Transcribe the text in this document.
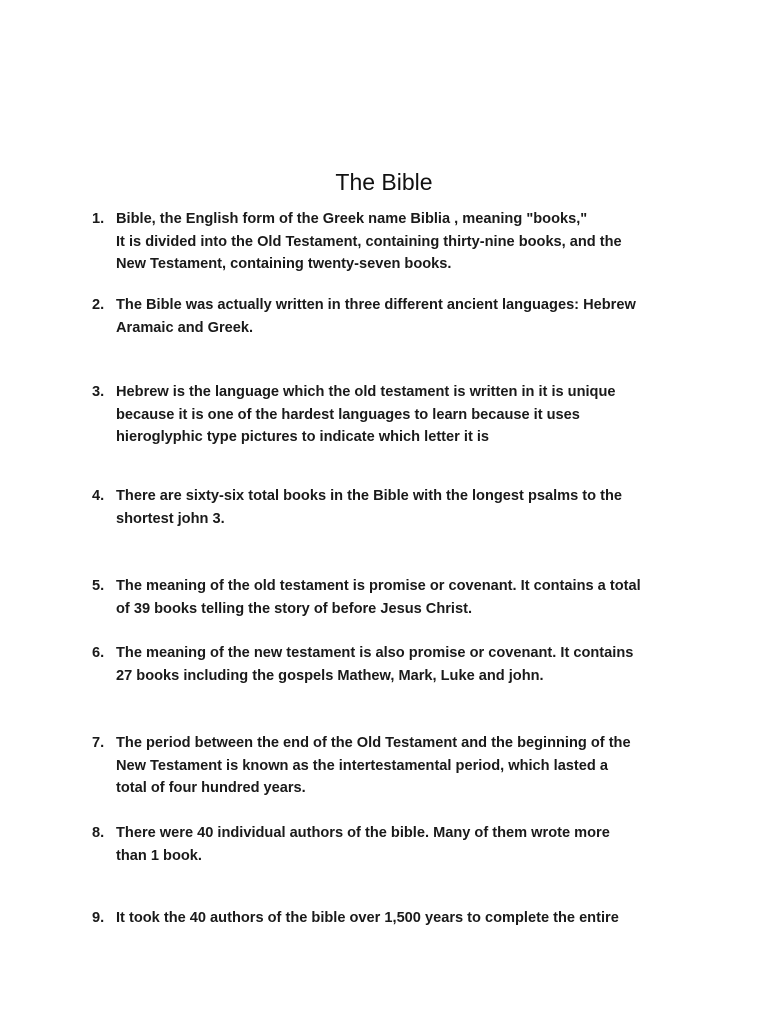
The Bible
1. Bible, the English form of the Greek name Biblia , meaning "books,"
It is divided into the Old Testament, containing thirty-nine books, and the
New Testament, containing twenty-seven books.
2. The Bible was actually written in three different ancient languages: Hebrew
Aramaic and Greek.
3. Hebrew is the language which the old testament is written in it is unique
because it is one of the hardest languages to learn because it uses
hieroglyphic type pictures to indicate which letter it is
4. There are sixty-six total books in the Bible with the longest psalms to the
shortest john 3.
5. The meaning of the old testament is promise or covenant. It contains a total
of 39 books telling the story of before Jesus Christ.
6. The meaning of the new testament is also promise or covenant. It contains
27 books including the gospels Mathew, Mark, Luke and john.
7. The period between the end of the Old Testament and the beginning of the
New Testament is known as the intertestamental period, which lasted a
total of four hundred years.
8. There were 40 individual authors of the bible. Many of them wrote more
than 1 book.
9. It took the 40 authors of the bible over 1,500 years to complete the entire
